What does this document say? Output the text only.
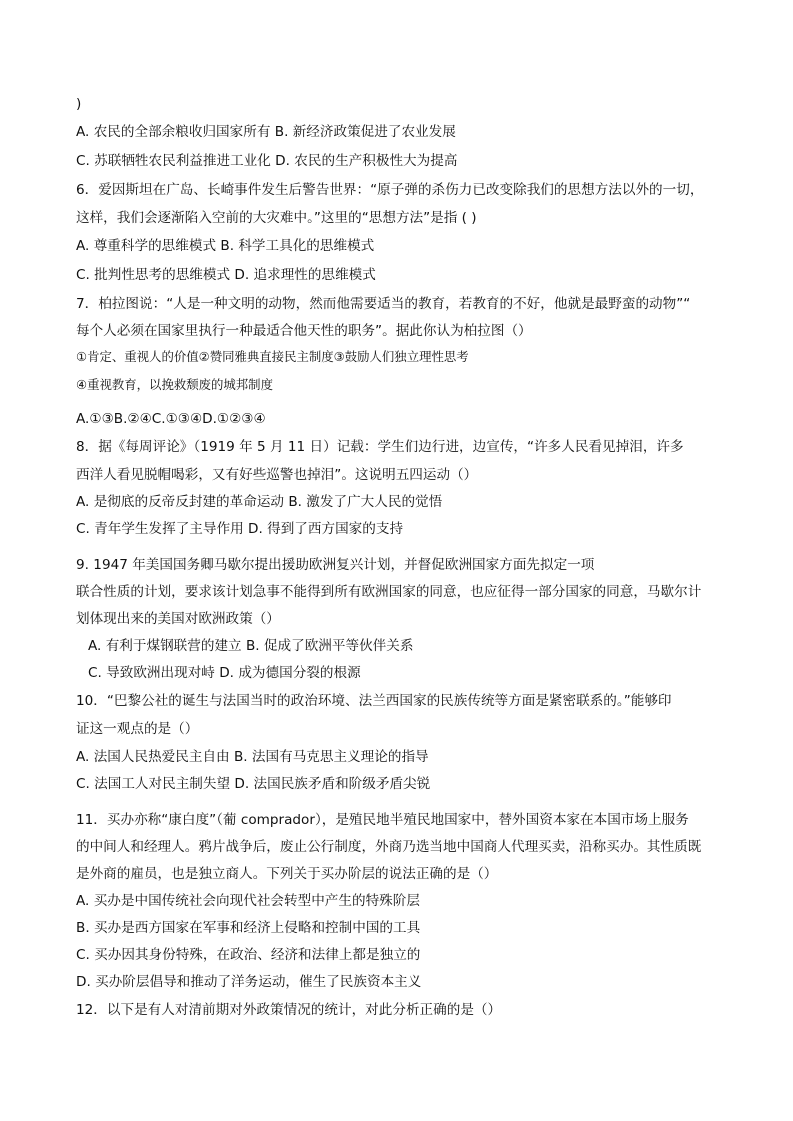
)
A. 农民的全部余粮收归国家所有 B. 新经济政策促进了农业发展
C. 苏联牺牲农民利益推进工业化 D. 农民的生产积极性大为提高
6．爱因斯坦在广岛、长崎事件发生后警告世界：“原子弹的杀伤力已改变除我们的思想方法以外的一切，
这样，我们会逐渐陷入空前的大灾难中。”这里的“思想方法”是指 ( )
A. 尊重科学的思维模式 B. 科学工具化的思维模式
C. 批判性思考的思维模式 D. 追求理性的思维模式
7．柏拉图说：“人是一种文明的动物，然而他需要适当的教育，若教育的不好，他就是最野蛮的动物”“
每个人必须在国家里执行一种最适合他天性的职务”。据此你认为柏拉图（）
①肯定、重视人的价值②赞同雅典直接民主制度③鼓励人们独立理性思考
④重视教育，以挽救颓废的城邦制度
A.①③B.②④C.①③④D.①②③④
8．据《每周评论》（1919 年 5 月 11 日）记载：学生们边行进，边宣传，“许多人民看见掉泪，许多
西洋人看见脱帽喝彩，又有好些巡警也掉泪”。这说明五四运动（）
A. 是彻底的反帝反封建的革命运动 B. 激发了广大人民的觉悟
C. 青年学生发挥了主导作用 D. 得到了西方国家的支持
9. 1947 年美国国务卿马歇尔提出援助欧洲复兴计划，并督促欧洲国家方面先拟定一项
联合性质的计划，要求该计划急事不能得到所有欧洲国家的同意，也应征得一部分国家的同意，马歇尔计
划体现出来的美国对欧洲政策（）
A. 有利于煤钢联营的建立 B. 促成了欧洲平等伙伴关系
C. 导致欧洲出现对峙 D. 成为德国分裂的根源
10．“巴黎公社的诞生与法国当时的政治环境、法兰西国家的民族传统等方面是紧密联系的。”能够印
证这一观点的是（）
A. 法国人民热爱民主自由 B. 法国有马克思主义理论的指导
C. 法国工人对民主制失望 D. 法国民族矛盾和阶级矛盾尖锐
11．买办亦称“康白度”（葡 comprador），是殖民地半殖民地国家中，替外国资本家在本国市场上服务
的中间人和经理人。鸦片战争后，废止公行制度，外商乃选当地中国商人代理买卖，沿称买办。其性质既
是外商的雇员，也是独立商人。下列关于买办阶层的说法正确的是（）
A. 买办是中国传统社会向现代社会转型中产生的特殊阶层
B. 买办是西方国家在军事和经济上侵略和控制中国的工具
C. 买办因其身份特殊，在政治、经济和法律上都是独立的
D. 买办阶层倡导和推动了洋务运动，催生了民族资本主义
12．以下是有人对清前期对外政策情况的统计，对此分析正确的是（）
